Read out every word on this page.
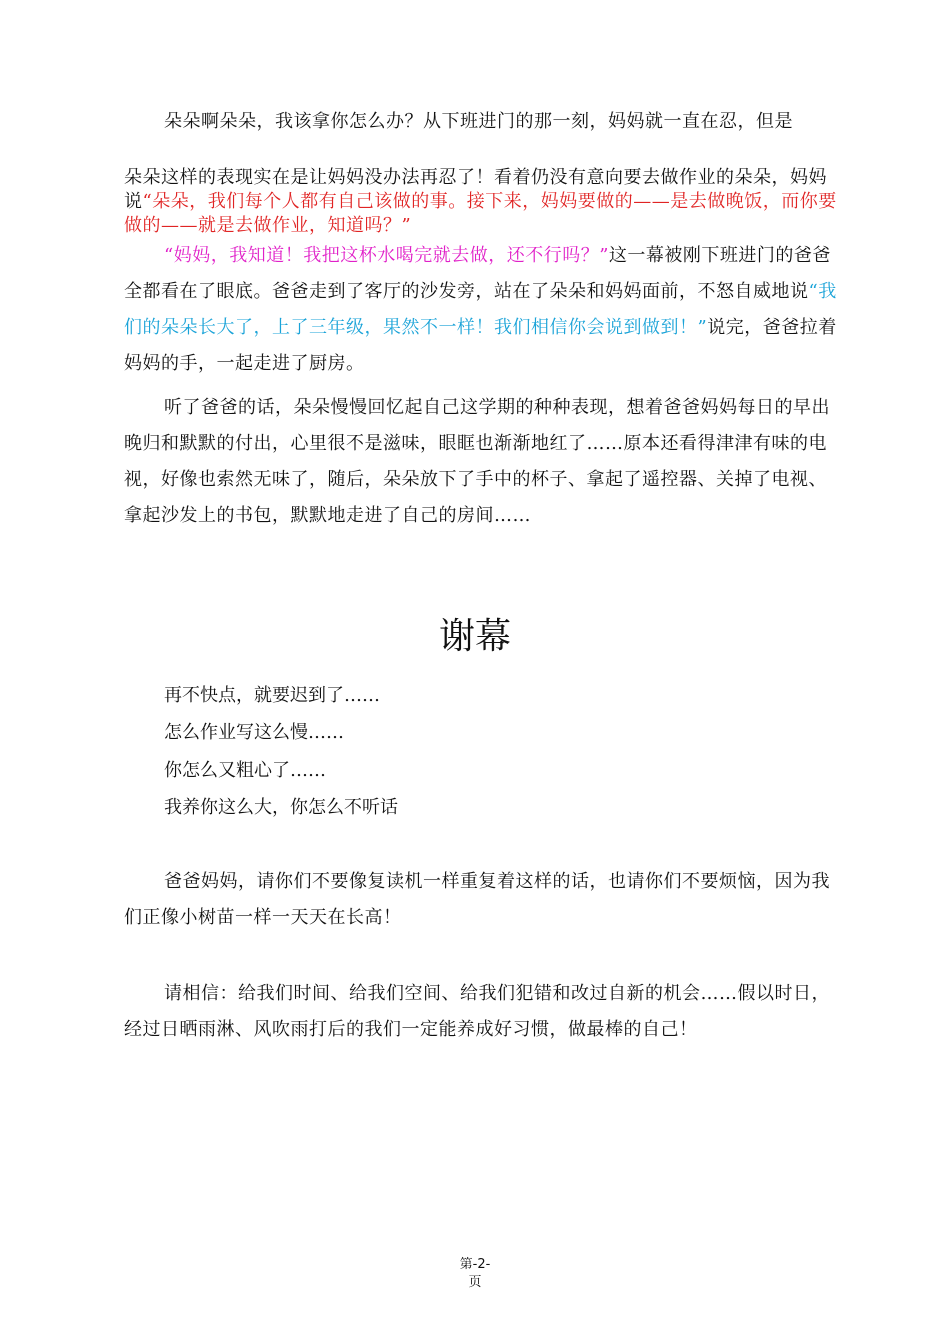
朵朵啊朵朵，我该拿你怎么办？从下班进门的那一刻，妈妈就一直在忍，但是

朵朵这样的表现实在是让妈妈没办法再忍了！看着仍没有意向要去做作业的朵朵，妈妈说“朵朵，我们每个人都有自己该做的事。接下来，妈妈要做的——是去做晚饭，而你要做的——就是去做作业，知道吗？”

“妈妈，我知道！我把这杯水喝完就去做，还不行吗？”这一幕被刚下班进门的爸爸全都看在了眼底。爸爸走到了客厅的沙发旁，站在了朵朵和妈妈面前，不怒自威地说“我们的朵朵长大了，上了三年级，果然不一样！我们相信你会说到做到！”说完，爸爸拉着妈妈的手，一起走进了厨房。

听了爸爸的话，朵朵慢慢回忆起自己这学期的种种表现，想着爸爸妈妈每日的早出晚归和默默的付出，心里很不是滋味，眼眶也渐渐地红了……原本还看得津津有味的电视，好像也索然无味了，随后，朵朵放下了手中的杯子、拿起了遥控器、关掉了电视、拿起沙发上的书包，默默地走进了自己的房间……

谢幕

再不快点，就要迟到了……

怎么作业写这么慢……

你怎么又粗心了……

我养你这么大，你怎么不听话

爸爸妈妈，请你们不要像复读机一样重复着这样的话，也请你们不要烦恼，因为我们正像小树苗一样一天天在长高！

请相信：给我们时间、给我们空间、给我们犯错和改过自新的机会……假以时日，经过日晒雨淋、风吹雨打后的我们一定能养成好习惯，做最棒的自己！

第-2-
页
